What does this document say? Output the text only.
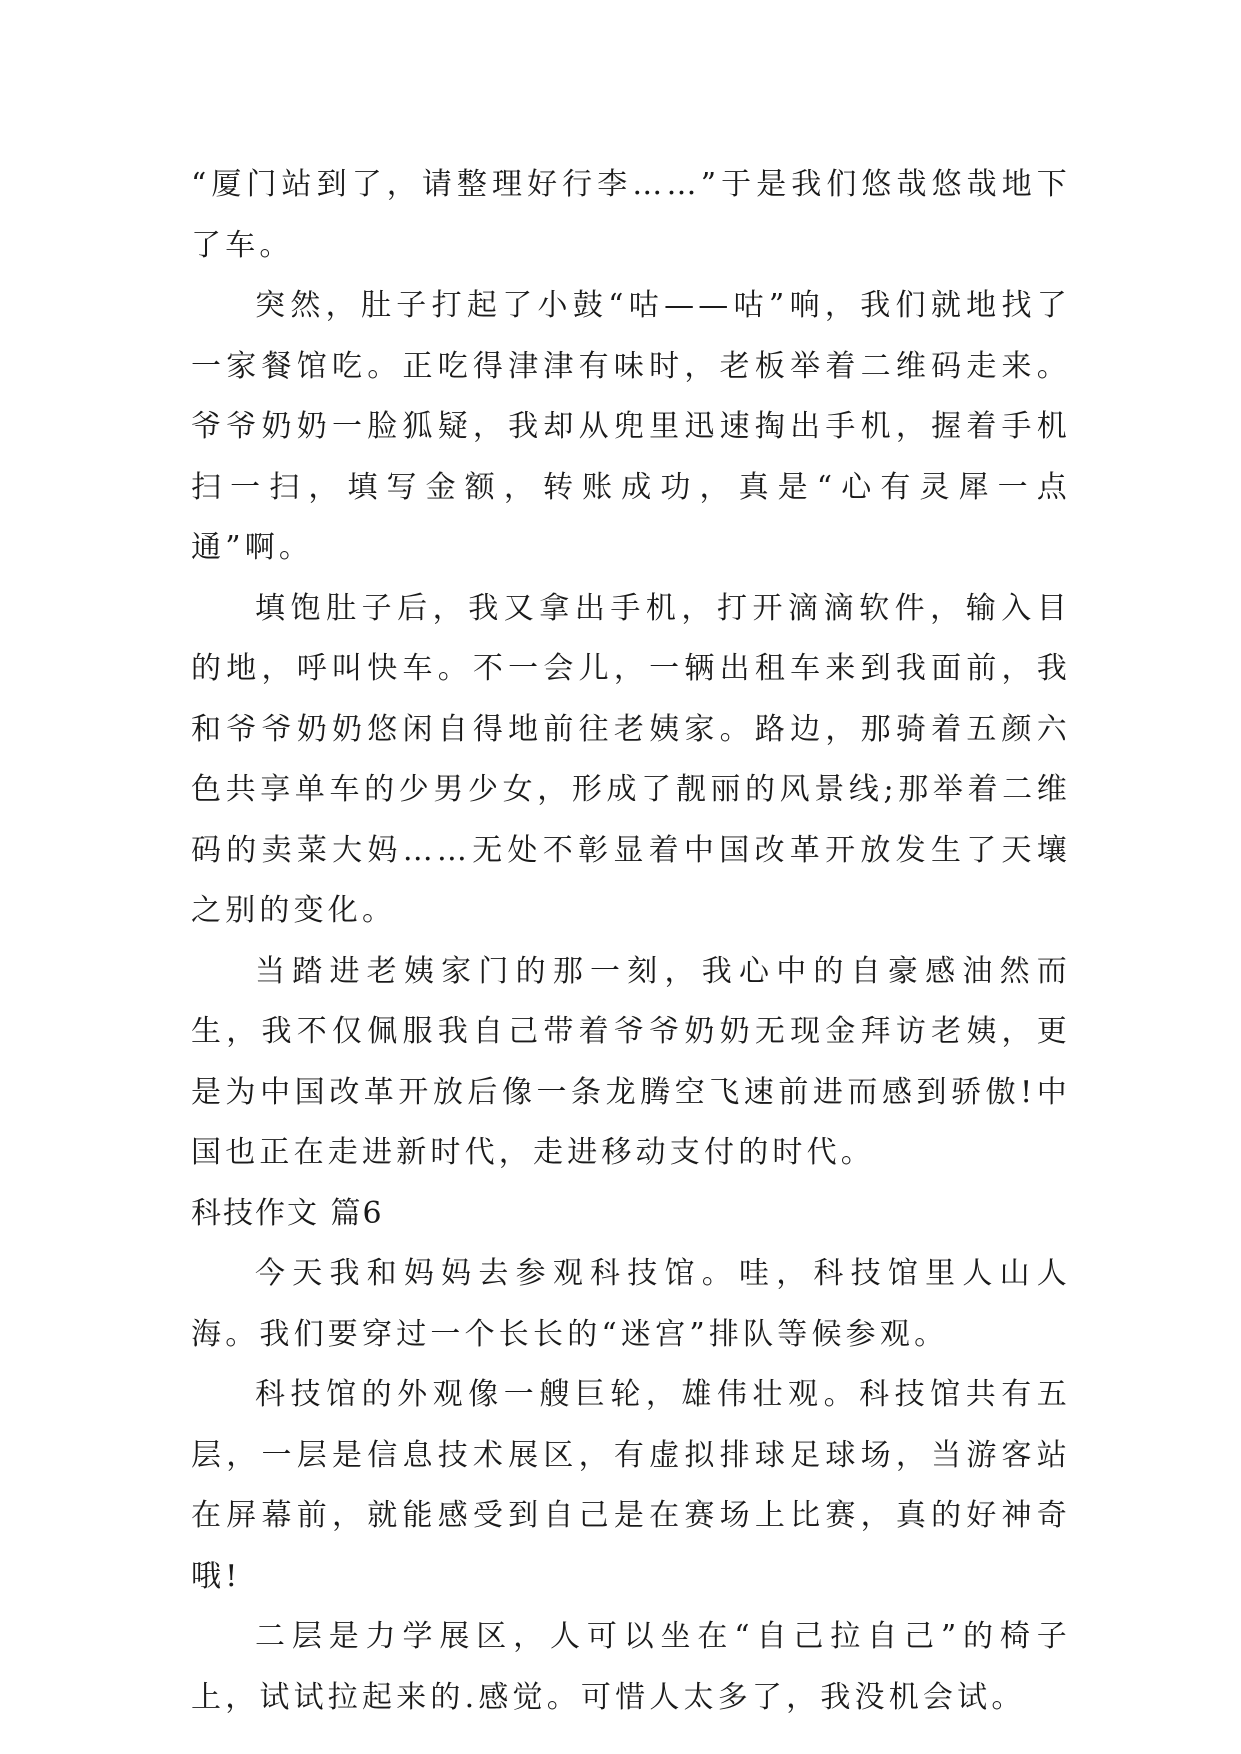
“厦门站到了，请整理好行李……”于是我们悠哉悠哉地下了车。

突然，肚子打起了小鼓“咕——咕”响，我们就地找了一家餐馆吃。正吃得津津有味时，老板举着二维码走来。爷爷奶奶一脸狐疑，我却从兜里迅速掏出手机，握着手机扫一扫，填写金额，转账成功，真是“心有灵犀一点通”啊。

填饱肚子后，我又拿出手机，打开滴滴软件，输入目的地，呼叫快车。不一会儿，一辆出租车来到我面前，我和爷爷奶奶悠闲自得地前往老姨家。路边，那骑着五颜六色共享单车的少男少女，形成了靓丽的风景线;那举着二维码的卖菜大妈……无处不彰显着中国改革开放发生了天壤之别的变化。

当踏进老姨家门的那一刻，我心中的自豪感油然而生，我不仅佩服我自己带着爷爷奶奶无现金拜访老姨，更是为中国改革开放后像一条龙腾空飞速前进而感到骄傲!中国也正在走进新时代，走进移动支付的时代。

科技作文 篇6

今天我和妈妈去参观科技馆。哇，科技馆里人山人海。我们要穿过一个长长的“迷宫”排队等候参观。

科技馆的外观像一艘巨轮，雄伟壮观。科技馆共有五层，一层是信息技术展区，有虚拟排球足球场，当游客站在屏幕前，就能感受到自己是在赛场上比赛，真的好神奇哦!

二层是力学展区，人可以坐在“自己拉自己”的椅子上，试试拉起来的.感觉。可惜人太多了，我没机会试。
